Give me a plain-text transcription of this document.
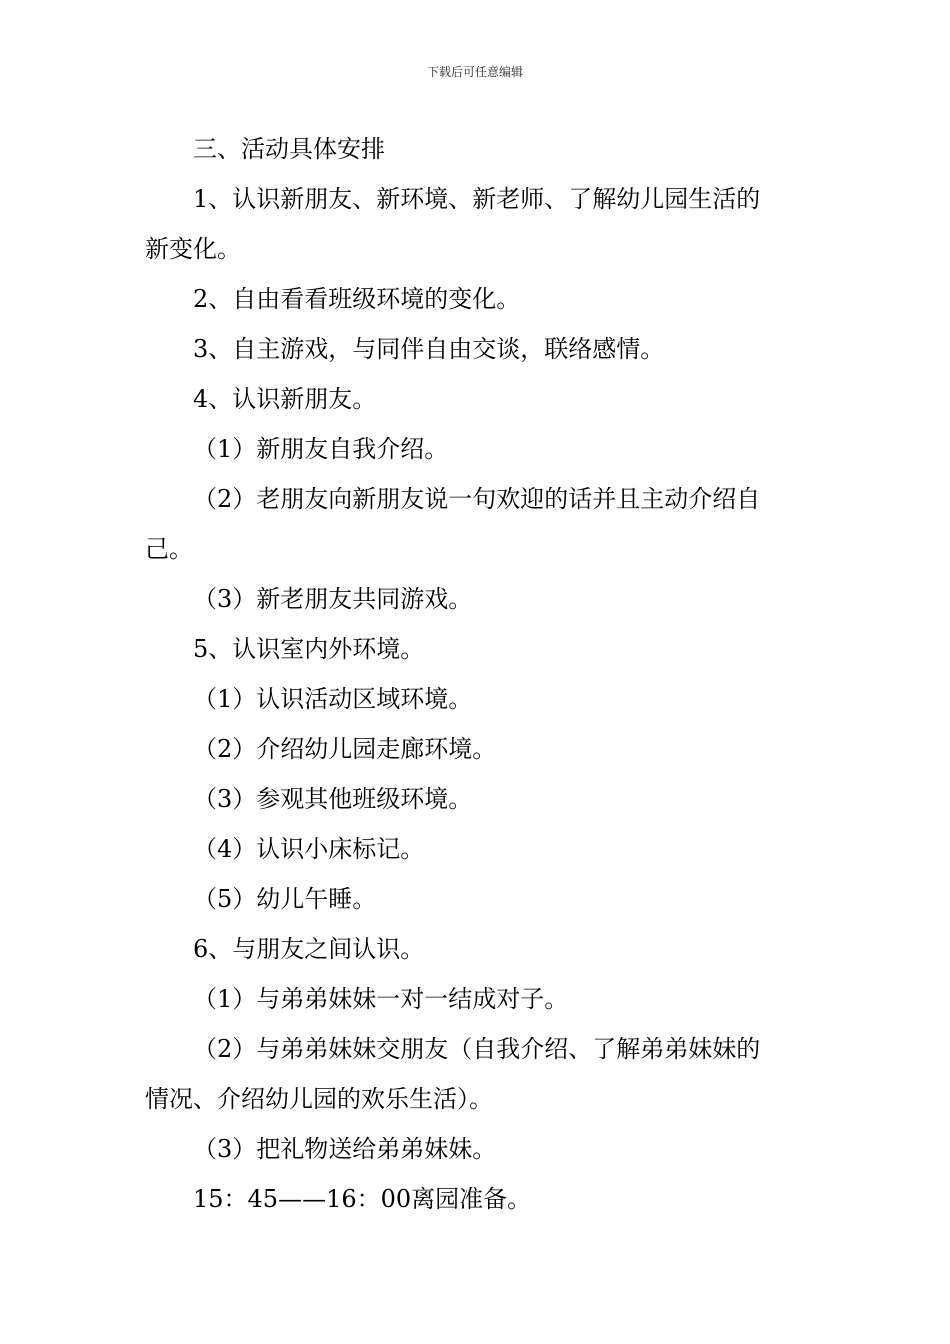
下载后可任意编辑

三、活动具体安排

1、认识新朋友、新环境、新老师、了解幼儿园生活的

新变化。

2、自由看看班级环境的变化。

3、自主游戏，与同伴自由交谈，联络感情。

4、认识新朋友。

（1）新朋友自我介绍。

（2）老朋友向新朋友说一句欢迎的话并且主动介绍自

己。

（3）新老朋友共同游戏。

5、认识室内外环境。

（1）认识活动区域环境。

（2）介绍幼儿园走廊环境。

（3）参观其他班级环境。

（4）认识小床标记。

（5）幼儿午睡。

6、与朋友之间认识。

（1）与弟弟妹妹一对一结成对子。

（2）与弟弟妹妹交朋友（自我介绍、了解弟弟妹妹的

情况、介绍幼儿园的欢乐生活）。

（3）把礼物送给弟弟妹妹。

15：45——16：00离园准备。
